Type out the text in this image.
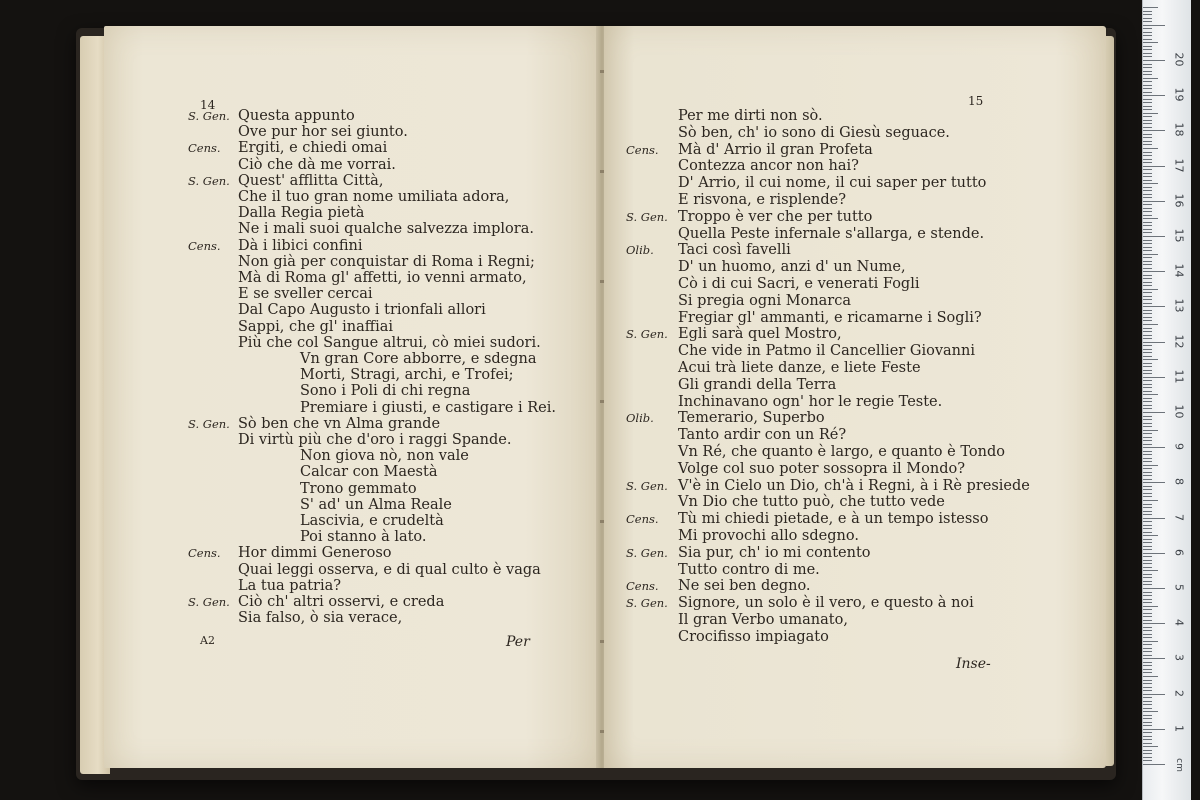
14
A2	Per
S. Gen. Questa appunto
Ove pur hor sei giunto.
Cens. Ergiti, e chiedi omai
Ciò che dà me vorrai.
S. Gen. Quest' afflitta Città,
Che il tuo gran nome umiliata adora,
Dalla Regia pietà
Ne i mali suoi qualche salvezza implora.
Cens. Dà i libici confini
Non già per conquistar di Roma i Regni;
Mà di Roma gl' affetti, io venni armato,
E se sveller cercai
Dal Capo Augusto i trionfali allori
Sappi, che gl' inaffiai
Più che col Sangue altrui, cò miei sudori.
Vn gran Core abborre, e sdegna
Morti, Stragi, archi, e Trofei;
Sono i Poli di chi regna
Premiare i giusti, e castigare i Rei.
S. Gen. Sò ben che vn Alma grande
Di virtù più che d'oro i raggi Spande.
Non giova nò, non vale
Calcar con Maestà
Trono gemmato
S' ad' un Alma Reale
Lascivia, e crudeltà
Poi stanno à lato.
Cens. Hor dimmi Generoso
Quai leggi osserva, e di qual culto è vaga
La tua patria?
S. Gen. Ciò ch' altri osservi, e creda
Sia falso, ò sia verace,
15
Inse-
Per me dirti non sò.
Sò ben, ch' io sono di Giesù seguace.
Cens. Mà d' Arrio il gran Profeta
Contezza ancor non hai?
D' Arrio, il cui nome, il cui saper per tutto
E risvona, e risplende?
S. Gen. Troppo è ver che per tutto
Quella Peste infernale s'allarga, e stende.
Olib. Taci così favelli
D' un huomo, anzi d' un Nume,
Cò i di cui Sacri, e venerati Fogli
Si pregia ogni Monarca
Fregiar gl' ammanti, e ricamarne i Sogli?
S. Gen. Egli sarà quel Mostro,
Che vide in Patmo il Cancellier Giovanni
Acui trà liete danze, e liete Feste
Gli grandi della Terra
Inchinavano ogn' hor le regie Teste.
Olib. Temerario, Superbo
Tanto ardir con un Ré?
Vn Ré, che quanto è largo, e quanto è Tondo
Volge col suo poter sossopra il Mondo?
S. Gen. V'è in Cielo un Dio, ch'à i Regni, à i Rè presiede
Vn Dio che tutto può, che tutto vede
Cens. Tù mi chiedi pietade, e à un tempo istesso
Mi provochi allo sdegno.
S. Gen. Sia pur, ch' io mi contento
Tutto contro di me.
Cens. Ne sei ben degno.
S. Gen. Signore, un solo è il vero, e questo à noi
Il gran Verbo umanato,
Crocifisso impiagato
cm
1
2
3
4
5
6
7
8
9
10
11
12
13
14
15
16
17
18
19
20
